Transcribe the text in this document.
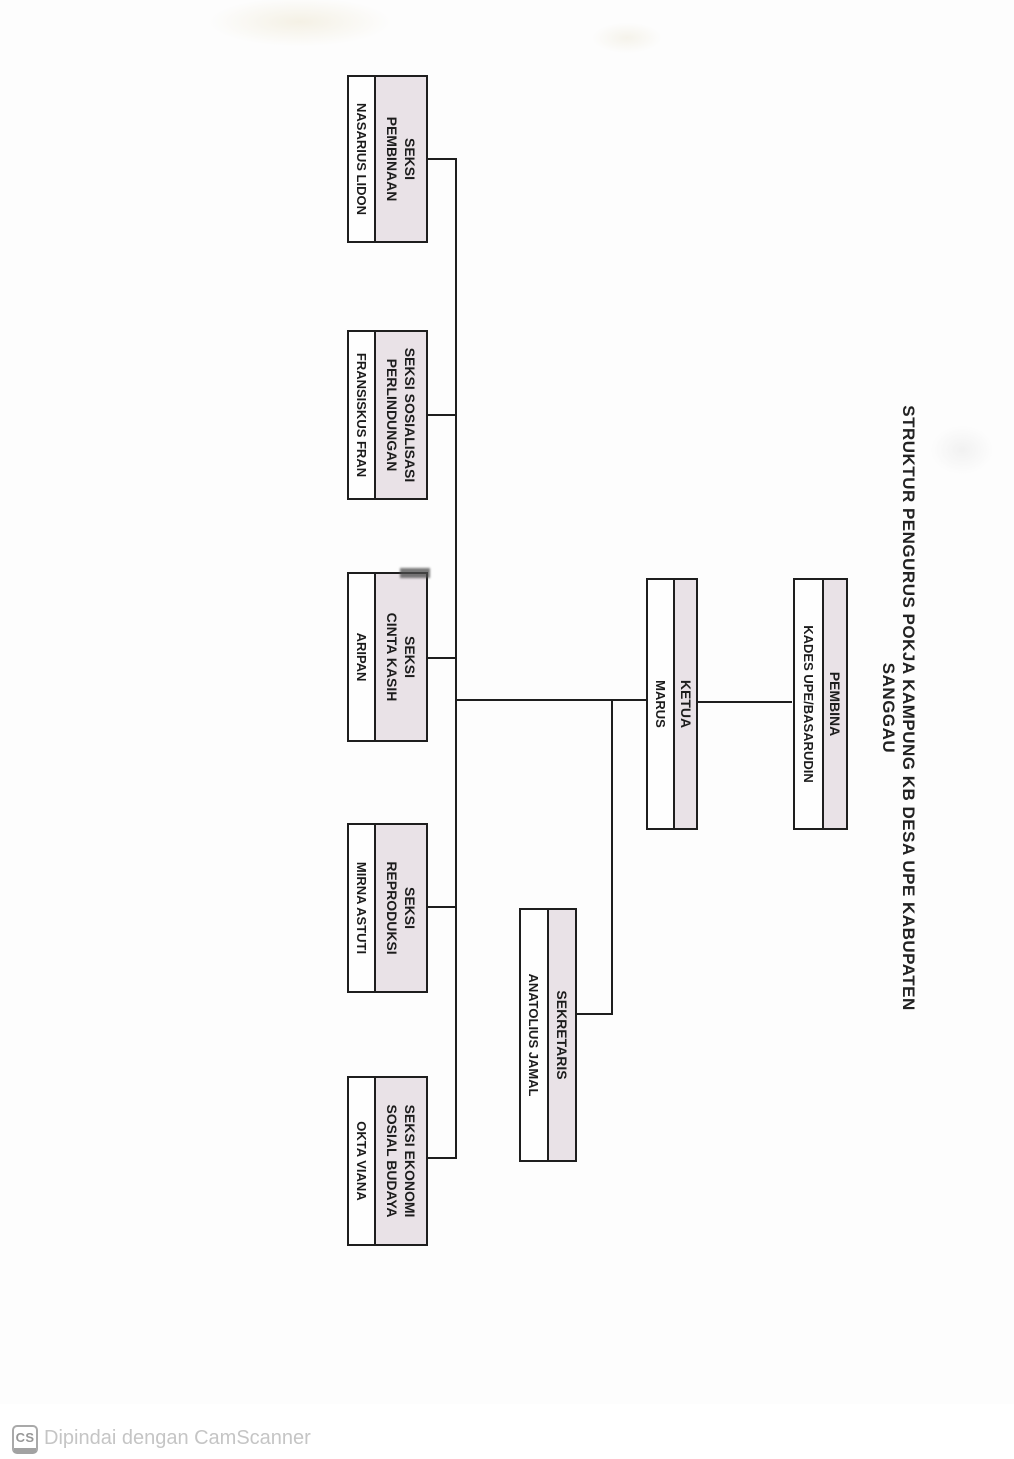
STRUKTUR PENGURUS POKJA KAMPUNG KB DESA UPE KABUPATEN SANGGAU
PEMBINA
KADES UPE/BASARUDIN
KETUA
MARUS
SEKRETARIS
ANATOLIUS JAMAL
SEKSI
PEMBINAAN
NASARIUS LIDON
SEKSI SOSIALISASI
PERLINDUNGAN
FRANSISKUS FRAN
SEKSI
CINTA KASIH
ARIPAN
SEKSI
REPRODUKSI
MIRNA ASTUTI
SEKSI EKONOMI
SOSIAL BUDAYA
OKTA VIANA
CS Dipindai dengan CamScanner
